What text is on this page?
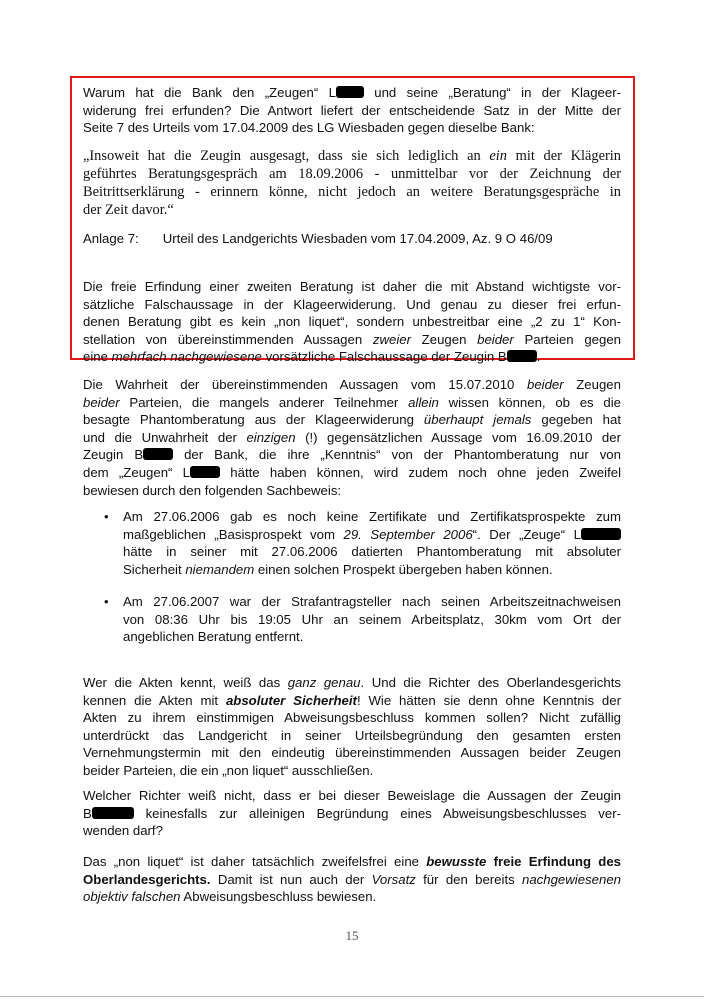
Warum hat die Bank den „Zeugen“ L und seine „Beratung“ in der Klageer-
widerung frei erfunden? Die Antwort liefert der entscheidende Satz in der Mitte der
Seite 7 des Urteils vom 17.04.2009 des LG Wiesbaden gegen dieselbe Bank:
„Insoweit hat die Zeugin ausgesagt, dass sie sich lediglich an ein mit der Klägerin
geführtes Beratungsgespräch am 18.09.2006 - unmittelbar vor der Zeichnung der
Beitrittserklärung - erinnern könne, nicht jedoch an weitere Beratungsgespräche in
der Zeit davor.“
Anlage 7: Urteil des Landgerichts Wiesbaden vom 17.04.2009, Az. 9 O 46/09
Die freie Erfindung einer zweiten Beratung ist daher die mit Abstand wichtigste vor-
sätzliche Falschaussage in der Klageerwiderung. Und genau zu dieser frei erfun-
denen Beratung gibt es kein „non liquet“, sondern unbestreitbar eine „2 zu 1“ Kon-
stellation von übereinstimmenden Aussagen zweier Zeugen beider Parteien gegen
eine mehrfach nachgewiesene vorsätzliche Falschaussage der Zeugin B .
Die Wahrheit der übereinstimmenden Aussagen vom 15.07.2010 beider Zeugen
beider Parteien, die mangels anderer Teilnehmer allein wissen können, ob es die
besagte Phantomberatung aus der Klageerwiderung überhaupt jemals gegeben hat
und die Unwahrheit der einzigen (!) gegensätzlichen Aussage vom 16.09.2010 der
Zeugin B der Bank, die ihre „Kenntnis“ von der Phantomberatung nur von
dem „Zeugen“ L hätte haben können, wird zudem noch ohne jeden Zweifel
bewiesen durch den folgenden Sachbeweis:
• Am 27.06.2006 gab es noch keine Zertifikate und Zertifikatsprospekte zum
maßgeblichen „Basisprospekt vom 29. September 2006“. Der „Zeuge“ L
hätte in seiner mit 27.06.2006 datierten Phantomberatung mit absoluter
Sicherheit niemandem einen solchen Prospekt übergeben haben können.
• Am 27.06.2007 war der Strafantragsteller nach seinen Arbeitszeitnachweisen
von 08:36 Uhr bis 19:05 Uhr an seinem Arbeitsplatz, 30km vom Ort der
angeblichen Beratung entfernt.
Wer die Akten kennt, weiß das ganz genau. Und die Richter des Oberlandesgerichts
kennen die Akten mit absoluter Sicherheit! Wie hätten sie denn ohne Kenntnis der
Akten zu ihrem einstimmigen Abweisungsbeschluss kommen sollen? Nicht zufällig
unterdrückt das Landgericht in seiner Urteilsbegründung den gesamten ersten
Vernehmungstermin mit den eindeutig übereinstimmenden Aussagen beider Zeugen
beider Parteien, die ein „non liquet“ ausschließen.
Welcher Richter weiß nicht, dass er bei dieser Beweislage die Aussagen der Zeugin
B	keinesfalls zur alleinigen Begründung eines Abweisungsbeschlusses ver-
wenden darf?
Das „non liquet“ ist daher tatsächlich zweifelsfrei eine bewusste freie Erfindung des
Oberlandesgerichts. Damit ist nun auch der Vorsatz für den bereits nachgewiesenen
objektiv falschen Abweisungsbeschluss bewiesen.
15
